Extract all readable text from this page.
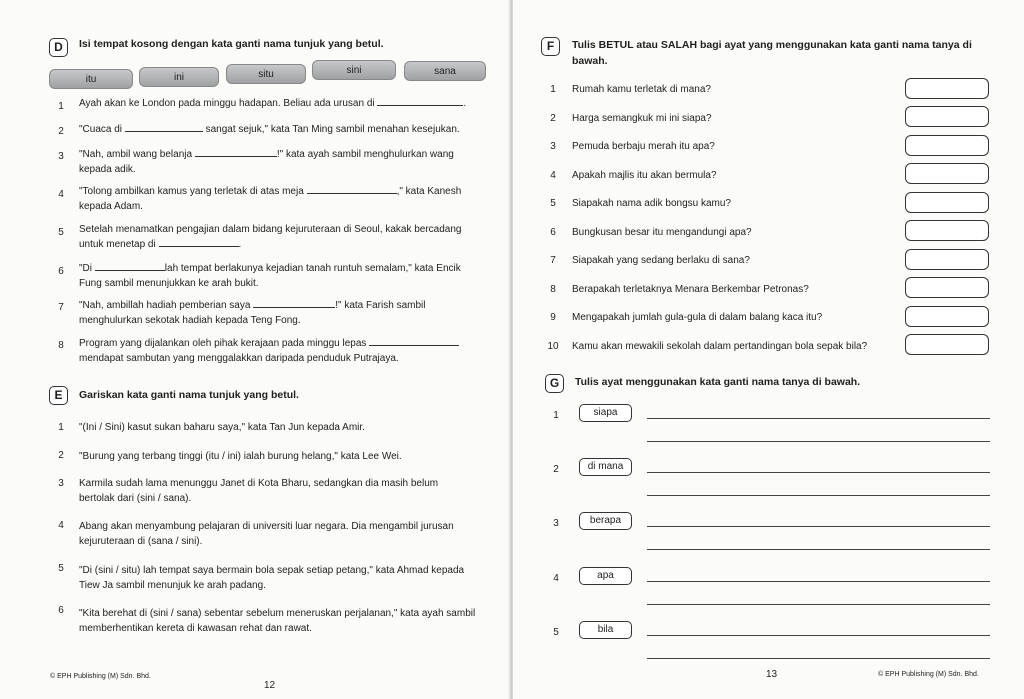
D	Isi tempat kosong dengan kata ganti nama tunjuk yang betul.
itu	ini	situ	sini	sana
1	Ayah akan ke London pada minggu hadapan. Beliau ada urusan di	.
2	"Cuaca di	sangat sejuk," kata Tan Ming sambil menahan kesejukan.
3	"Nah, ambil wang belanja	!" kata ayah sambil menghulurkan wang
kepada adik.
4	"Tolong ambilkan kamus yang terletak di atas meja	," kata Kanesh
kepada Adam.
5	Setelah menamatkan pengajian dalam bidang kejuruteraan di Seoul, kakak bercadang
untuk menetap di	.
6	"Di	lah tempat berlakunya kejadian tanah runtuh semalam," kata Encik
Fung sambil menunjukkan ke arah bukit.
7	"Nah, ambillah hadiah pemberian saya	!" kata Farish sambil
menghulurkan sekotak hadiah kepada Teng Fong.
8	Program yang dijalankan oleh pihak kerajaan pada minggu lepas
mendapat sambutan yang menggalakkan daripada penduduk Putrajaya.
E	Gariskan kata ganti nama tunjuk yang betul.
1	"(Ini / Sini) kasut sukan baharu saya," kata Tan Jun kepada Amir.
2	"Burung yang terbang tinggi (itu / ini) ialah burung helang," kata Lee Wei.
3	Karmila sudah lama menunggu Janet di Kota Bharu, sedangkan dia masih belum
bertolak dari (sini / sana).
4	Abang akan menyambung pelajaran di universiti luar negara. Dia mengambil jurusan
kejuruteraan di (sana / sini).
5	"Di (sini / situ) lah tempat saya bermain bola sepak setiap petang," kata Ahmad kepada
Tiew Ja sambil menunjuk ke arah padang.
6	"Kita berehat di (sini / sana) sebentar sebelum meneruskan perjalanan," kata ayah sambil
memberhentikan kereta di kawasan rehat dan rawat.
© EPH Publishing (M) Sdn. Bhd.
12
F	Tulis BETUL atau SALAH bagi ayat yang menggunakan kata ganti nama tanya di
bawah.
1	Rumah kamu terletak di mana?
2	Harga semangkuk mi ini siapa?
3	Pemuda berbaju merah itu apa?
4	Apakah majlis itu akan bermula?
5	Siapakah nama adik bongsu kamu?
6	Bungkusan besar itu mengandungi apa?
7	Siapakah yang sedang berlaku di sana?
8	Berapakah terletaknya Menara Berkembar Petronas?
9	Mengapakah jumlah gula-gula di dalam balang kaca itu?
10 Kamu akan mewakili sekolah dalam pertandingan bola sepak bila?
G	Tulis ayat menggunakan kata ganti nama tanya di bawah.
1	siapa
2	di mana
3	berapa
4	apa
5	bila
13	© EPH Publishing (M) Sdn. Bhd.
